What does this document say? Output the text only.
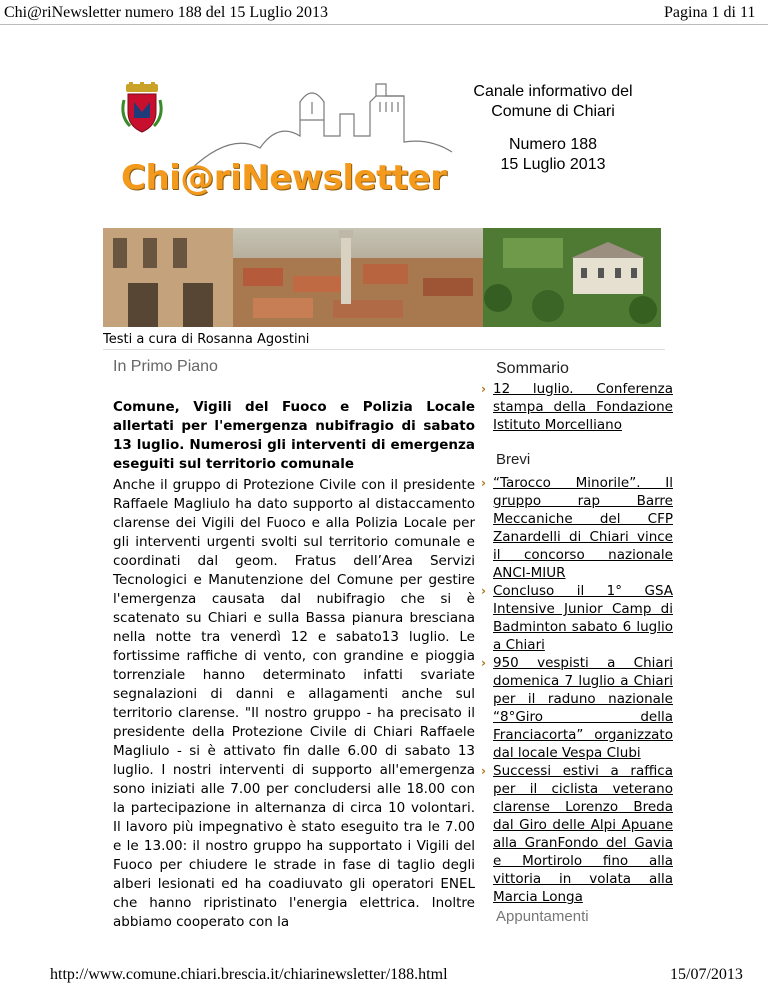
Chi@riNewsletter numero 188 del 15 Luglio 2013	Pagina 1 di 11
Chi@riNewsletter
Canale informativo del
Comune di Chiari
Numero 188
15 Luglio 2013
Testi a cura di Rosanna Agostini
In Primo Piano
Comune, Vigili del Fuoco e Polizia Locale allertati per l'emergenza nubifragio di sabato 13 luglio. Numerosi gli interventi di emergenza eseguiti sul territorio comunale
Anche il gruppo di Protezione Civile con il presidente Raffaele Magliulo ha dato supporto al distaccamento clarense dei Vigili del Fuoco e alla Polizia Locale per gli interventi urgenti svolti sul territorio comunale e coordinati dal geom. Fratus dell’Area Servizi Tecnologici e Manutenzione del Comune per gestire l'emergenza causata dal nubifragio che si è scatenato su Chiari e sulla Bassa pianura bresciana nella notte tra venerdì 12 e sabato13 luglio. Le fortissime raffiche di vento, con grandine e pioggia torrenziale hanno determinato infatti svariate segnalazioni di danni e allagamenti anche sul territorio clarense. "Il nostro gruppo - ha precisato il presidente della Protezione Civile di Chiari Raffaele Magliulo - si è attivato fin dalle 6.00 di sabato 13 luglio. I nostri interventi di supporto all'emergenza sono iniziati alle 7.00 per concludersi alle 18.00 con la partecipazione in alternanza di circa 10 volontari. Il lavoro più impegnativo è stato eseguito tra le 7.00 e le 13.00: il nostro gruppo ha supportato i Vigili del Fuoco per chiudere le strade in fase di taglio degli alberi lesionati ed ha coadiuvato gli operatori ENEL che hanno ripristinato l'energia elettrica. Inoltre abbiamo cooperato con la
Sommario
› 12 luglio. Conferenza stampa della Fondazione Istituto Morcelliano
Brevi
› “Tarocco Minorile”. Il gruppo rap Barre Meccaniche del CFP Zanardelli di Chiari vince il concorso nazionale ANCI-MIUR
› Concluso il 1° GSA Intensive Junior Camp di Badminton sabato 6 luglio a Chiari
› 950 vespisti a Chiari domenica 7 luglio a Chiari per il raduno nazionale “8°Giro della Franciacorta” organizzato dal locale Vespa Clubi
› Successi estivi a raffica per il ciclista veterano clarense Lorenzo Breda dal Giro delle Alpi Apuane alla GranFondo del Gavia e Mortirolo fino alla vittoria in volata alla Marcia Longa
Appuntamenti
http://www.comune.chiari.brescia.it/chiarinewsletter/188.html	15/07/2013
